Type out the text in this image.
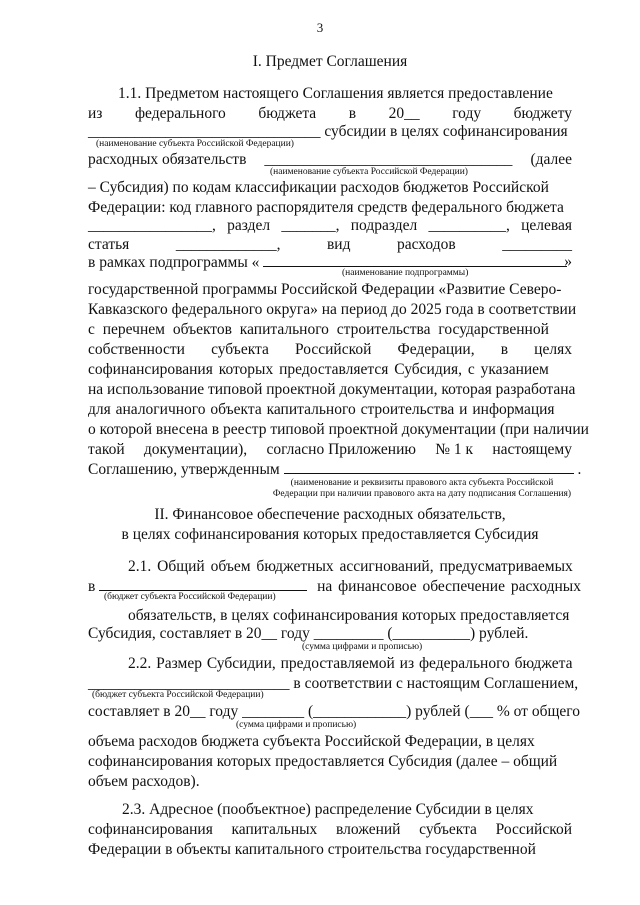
3
I. Предмет Соглашения
1.1. Предметом настоящего Соглашения является предоставление
из федерального бюджета в 20__ году бюджету
______________________________ субсидии в целях софинансирования
(наименование субъекта Российской Федерации)
расходных обязательств ________________________________ (далее
(наименование субъекта Российской Федерации)
– Субсидия) по кодам классификации расходов бюджетов Российской
Федерации: код главного распорядителя средств федерального бюджета
________________, раздел _______, подраздел __________, целевая
статья	_____________,	вид	расходов	_________
в рамках подпрограммы «	»
(наименование подпрограммы)
государственной программы Российской Федерации «Развитие Северо-
Кавказского федерального округа» на период до 2025 года в соответствии
с перечнем объектов капитального строительства государственной
собственности субъекта Российской Федерации, в целях
софинансирования которых предоставляется Субсидия, с указанием
на использование типовой проектной документации, которая разработана
для аналогичного объекта капитального строительства и информация
о которой внесена в реестр типовой проектной документации (при наличии
такой документации), согласно Приложению № 1 к настоящему
Соглашению, утвержденным	.
(наименование и реквизиты правового акта субъекта Российской Федерации при наличии правового акта на дату подписания Соглашения)
II. Финансовое обеспечение расходных обязательств,
в целях софинансирования которых предоставляется Субсидия
2.1. Общий объем бюджетных ассигнований, предусматриваемых
в	на финансовое обеспечение расходных
(бюджет субъекта Российской Федерации)
обязательств, в целях софинансирования которых предоставляется
Субсидия, составляет в 20__ году _________ (__________) рублей.
(сумма цифрами и прописью)
2.2. Размер Субсидии, предоставляемой из федерального бюджета
__________________________ в соответствии с настоящим Соглашением,
(бюджет субъекта Российской Федерации)
составляет в 20__ году ________ (____________) рублей ( ___ % от общего
(сумма цифрами и прописью)
объема расходов бюджета субъекта Российской Федерации, в целях
софинансирования которых предоставляется Субсидия (далее – общий
объем расходов).
2.3. Адресное (пообъектное) распределение Субсидии в целях
софинансирования капитальных вложений субъекта Российской
Федерации в объекты капитального строительства государственной
